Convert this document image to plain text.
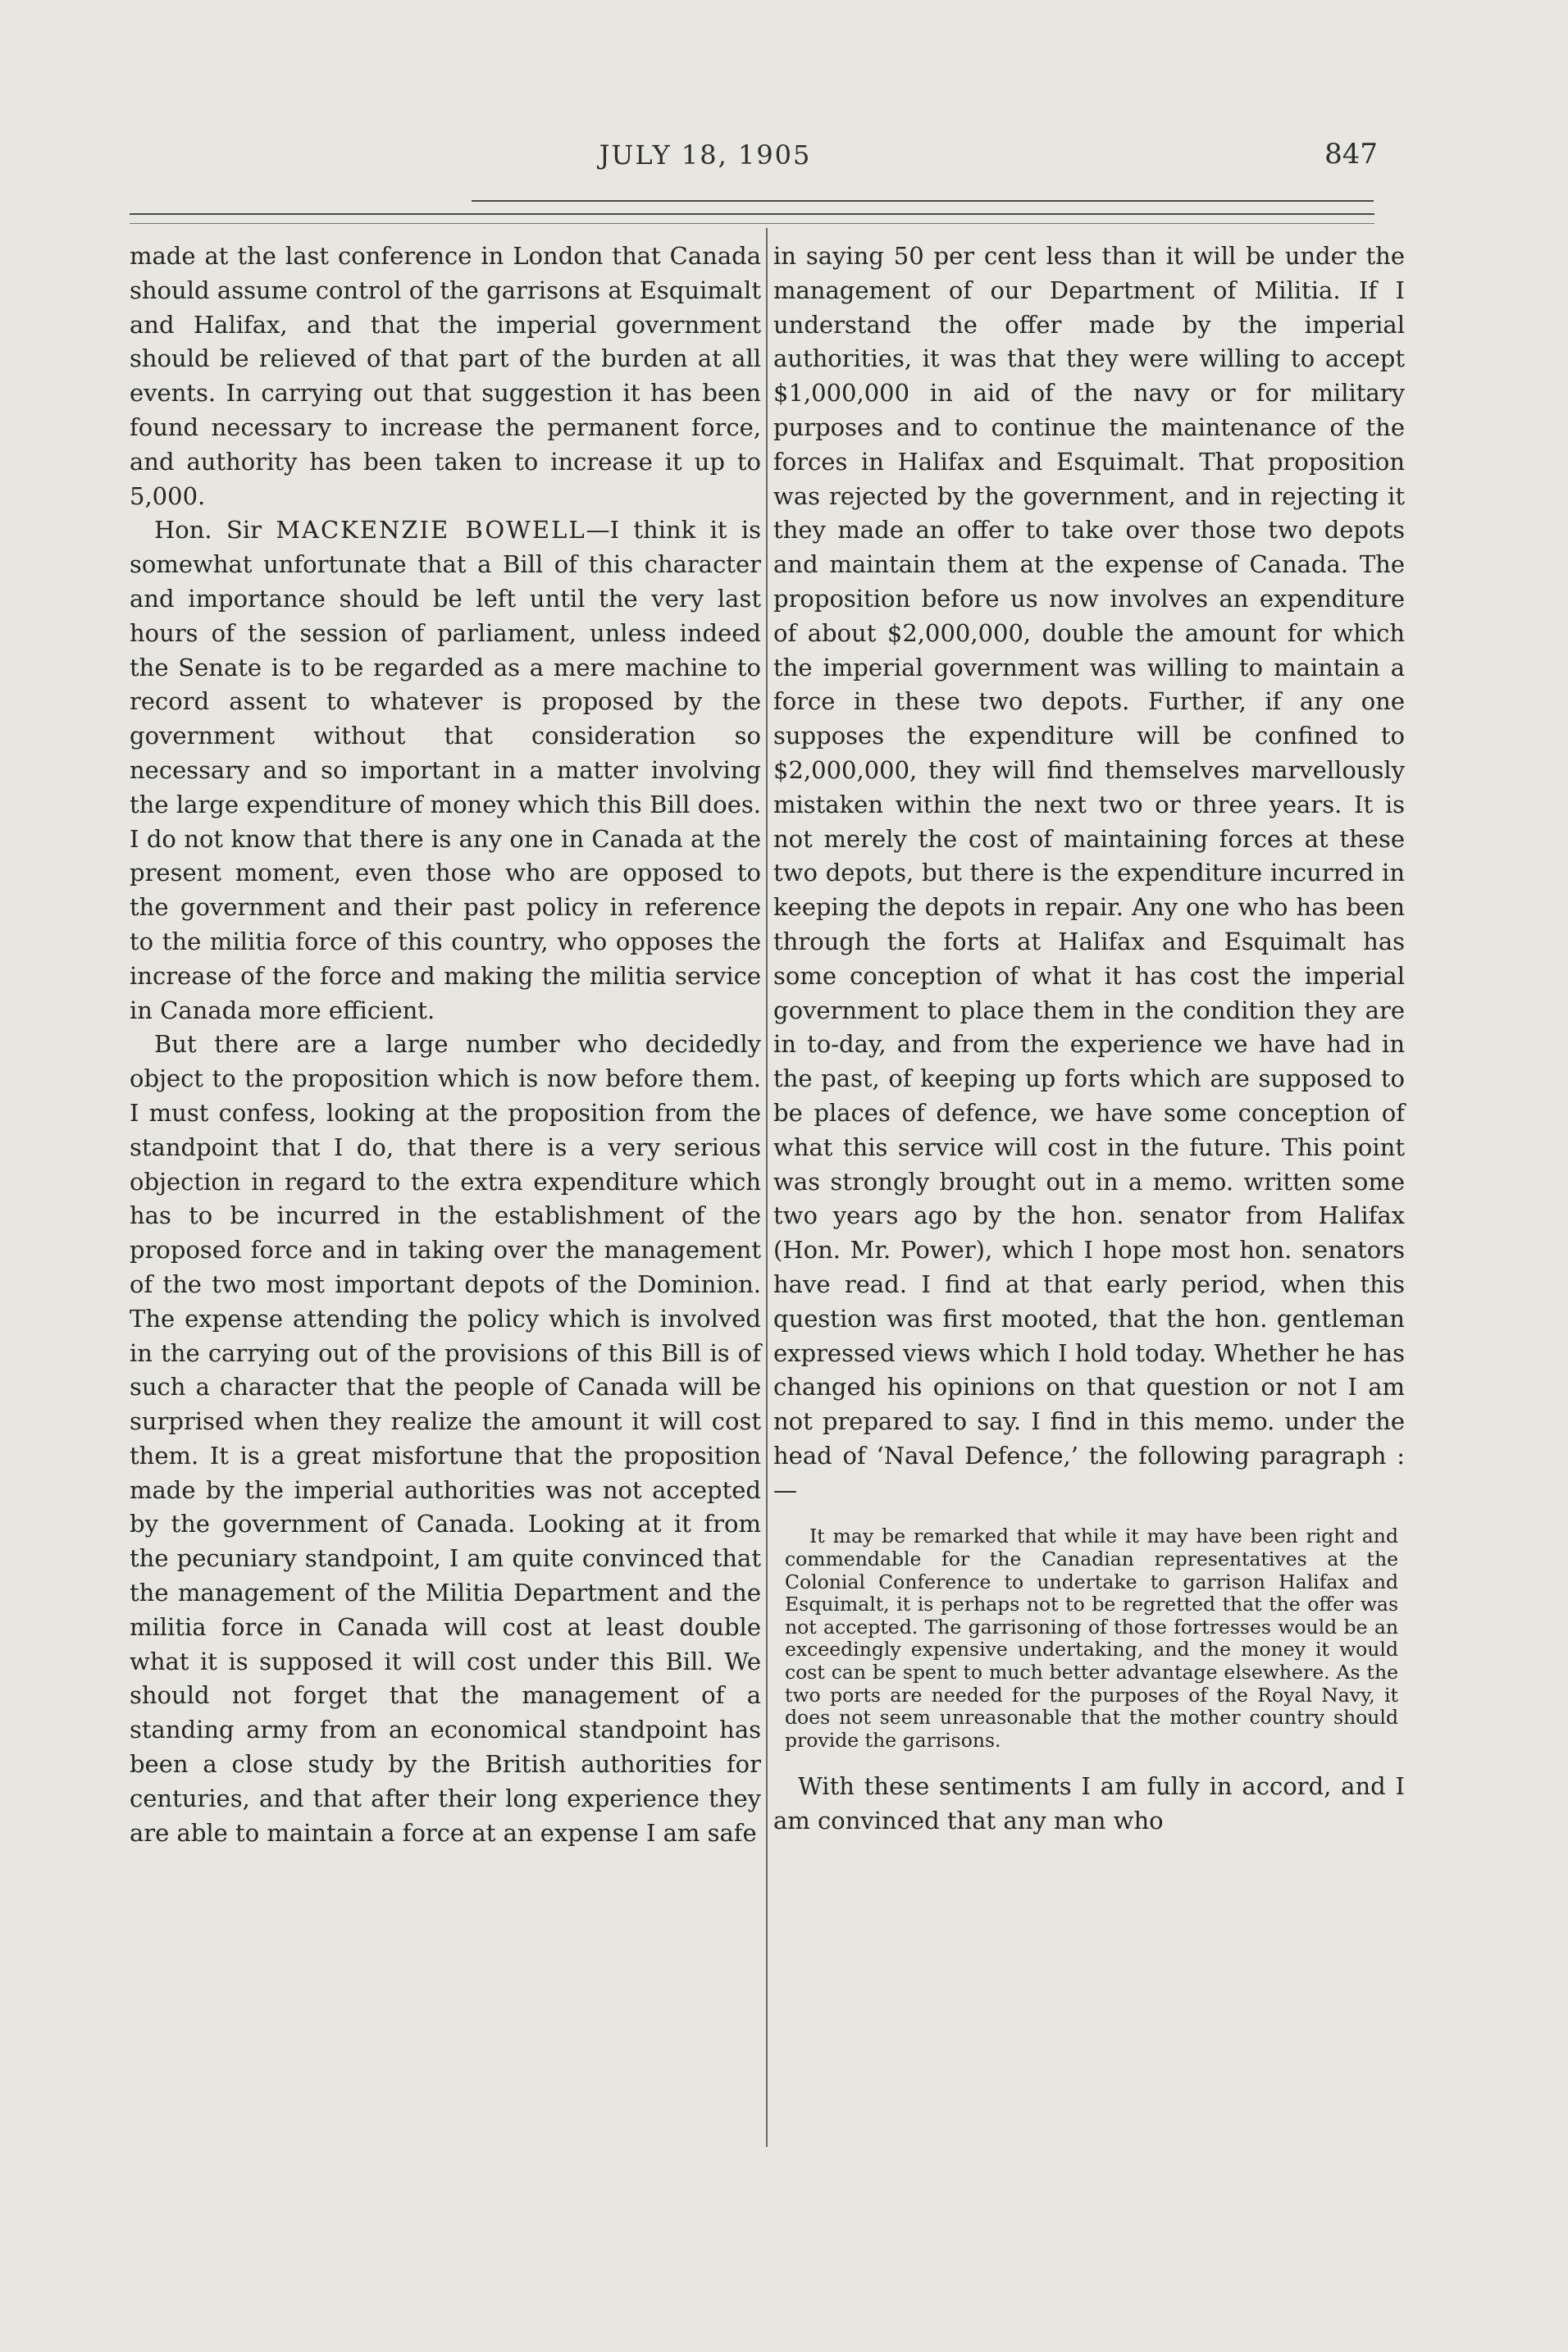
JULY 18, 1905	847

made at the last conference in London that Canada should assume control of the garrisons at Esquimalt and Halifax, and that the imperial government should be relieved of that part of the burden at all events. In carrying out that suggestion it has been found necessary to increase the permanent force, and authority has been taken to increase it up to 5,000.

Hon. Sir MACKENZIE BOWELL—I think it is somewhat unfortunate that a Bill of this character and importance should be left until the very last hours of the session of parliament, unless indeed the Senate is to be regarded as a mere machine to record assent to whatever is proposed by the government without that consideration so necessary and so important in a matter involving the large expenditure of money which this Bill does. I do not know that there is any one in Canada at the present moment, even those who are opposed to the government and their past policy in reference to the militia force of this country, who opposes the increase of the force and making the militia service in Canada more efficient.

But there are a large number who decidedly object to the proposition which is now before them. I must confess, looking at the proposition from the standpoint that I do, that there is a very serious objection in regard to the extra expenditure which has to be incurred in the establishment of the proposed force and in taking over the management of the two most important depots of the Dominion. The expense attending the policy which is involved in the carrying out of the provisions of this Bill is of such a character that the people of Canada will be surprised when they realize the amount it will cost them. It is a great misfortune that the proposition made by the imperial authorities was not accepted by the government of Canada. Looking at it from the pecuniary standpoint, I am quite convinced that the management of the Militia Department and the militia force in Canada will cost at least double what it is supposed it will cost under this Bill. We should not forget that the management of a standing army from an economical standpoint has been a close study by the British authorities for centuries, and that after their long experience they are able to maintain a force at an expense I am safe

in saying 50 per cent less than it will be under the management of our Department of Militia. If I understand the offer made by the imperial authorities, it was that they were willing to accept $1,000,000 in aid of the navy or for military purposes and to continue the maintenance of the forces in Halifax and Esquimalt. That proposition was rejected by the government, and in rejecting it they made an offer to take over those two depots and maintain them at the expense of Canada. The proposition before us now involves an expenditure of about $2,000,000, double the amount for which the imperial government was willing to maintain a force in these two depots. Further, if any one supposes the expenditure will be confined to $2,000,000, they will find themselves marvellously mistaken within the next two or three years. It is not merely the cost of maintaining forces at these two depots, but there is the expenditure incurred in keeping the depots in repair. Any one who has been through the forts at Halifax and Esquimalt has some conception of what it has cost the imperial government to place them in the condition they are in to-day, and from the experience we have had in the past, of keeping up forts which are supposed to be places of defence, we have some conception of what this service will cost in the future. This point was strongly brought out in a memo. written some two years ago by the hon. senator from Halifax (Hon. Mr. Power), which I hope most hon. senators have read. I find at that early period, when this question was first mooted, that the hon. gentleman expressed views which I hold today. Whether he has changed his opinions on that question or not I am not prepared to say. I find in this memo. under the head of ‘Naval Defence,’ the following paragraph :—

It may be remarked that while it may have been right and commendable for the Canadian representatives at the Colonial Conference to undertake to garrison Halifax and Esquimalt, it is perhaps not to be regretted that the offer was not accepted. The garrisoning of those fortresses would be an exceedingly expensive undertaking, and the money it would cost can be spent to much better advantage elsewhere. As the two ports are needed for the purposes of the Royal Navy, it does not seem unreasonable that the mother country should provide the garrisons.

With these sentiments I am fully in accord, and I am convinced that any man who
